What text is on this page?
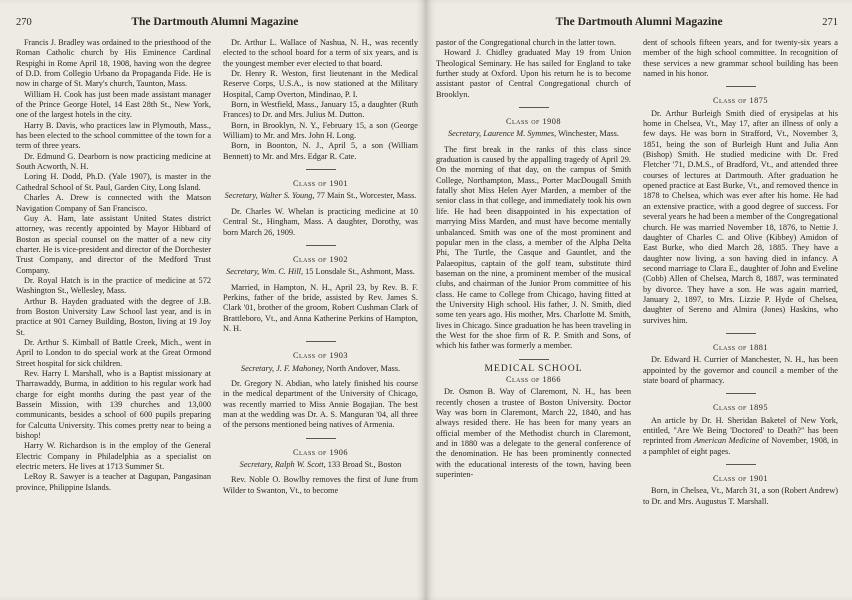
270	The Dartmouth Alumni Magazine

Francis J. Bradley was ordained to the priesthood of the Roman Catholic church by His Eminence Cardinal Respighi in Rome April 18, 1908, having won the degree of D.D. from Collegio Urbano da Propaganda Fide. He is now in charge of St. Mary's church, Taunton, Mass.

William H. Cook has just been made assistant manager of the Prince George Hotel, 14 East 28th St., New York, one of the largest hotels in the city.

Harry B. Davis, who practices law in Plymouth, Mass., has been elected to the school committee of the town for a term of three years.

Dr. Edmund G. Dearborn is now practicing medicine at South Acworth, N. H.

Loring H. Dodd, Ph.D. (Yale 1907), is master in the Cathedral School of St. Paul, Garden City, Long Island.

Charles A. Drew is connected with the Matson Navigation Company of San Francisco.

Guy A. Ham, late assistant United States district attorney, was recently appointed by Mayor Hibbard of Boston as special counsel on the matter of a new city charter. He is vice-president and director of the Dorchester Trust Company, and director of the Medford Trust Company.

Dr. Royal Hatch is in the practice of medicine at 572 Washington St., Wellesley, Mass.

Arthur B. Hayden graduated with the degree of J.B. from Boston University Law School last year, and is in practice at 901 Carney Building, Boston, living at 19 Joy St.

Dr. Arthur S. Kimball of Battle Creek, Mich., went in April to London to do special work at the Great Ormond Street hospital for sick children.

Rev. Harry I. Marshall, who is a Baptist missionary at Tharrawaddy, Burma, in addition to his regular work had charge for eight months during the past year of the Bassein Mission, with 139 churches and 13,000 communicants, besides a school of 600 pupils preparing for Calcutta University. This comes pretty near to being a bishop!

Harry W. Richardson is in the employ of the General Electric Company in Philadelphia as a specialist on electric meters. He lives at 1713 Summer St.

LeRoy R. Sawyer is a teacher at Dagupan, Pangasinan province, Philippine Islands.

Dr. Arthur L. Wallace of Nashua, N. H., was recently elected to the school board for a term of six years, and is the youngest member ever elected to that board.

Dr. Henry R. Weston, first lieutenant in the Medical Reserve Corps, U.S.A., is now stationed at the Military Hospital, Camp Overton, Mindinao, P. I.

Born, in Westfield, Mass., January 15, a daughter (Ruth Frances) to Dr. and Mrs. Julius M. Dutton.

Born, in Brooklyn, N. Y., February 15, a son (George William) to Mr. and Mrs. John H. Long.

Born, in Boonton, N. J., April 5, a son (William Bennett) to Mr. and Mrs. Edgar R. Cate.

Class of 1901
Secretary, Walter S. Young, 77 Main St., Worcester, Mass.

Dr. Charles W. Whelan is practicing medicine at 10 Central St., Hingham, Mass. A daughter, Dorothy, was born March 26, 1909.

Class of 1902
Secretary, Wm. C. Hill, 15 Lonsdale St., Ashmont, Mass.

Married, in Hampton, N. H., April 23, by Rev. B. F. Perkins, father of the bride, assisted by Rev. James S. Clark '01, brother of the groom, Robert Cushman Clark of Brattleboro, Vt., and Anna Katherine Perkins of Hampton, N. H.

Class of 1903
Secretary, J. F. Mahoney, North Andover, Mass.

Dr. Gregory N. Abdian, who lately finished his course in the medical department of the University of Chicago, was recently married to Miss Annie Bogajian. The best man at the wedding was Dr. A. S. Manguran '04, all three of the persons mentioned being natives of Armenia.

Class of 1906
Secretary, Ralph W. Scott, 133 Broad St., Boston

Rev. Noble O. Bowlby removes the first of June from Wilder to Swanton, Vt., to become

The Dartmouth Alumni Magazine	271

pastor of the Congregational church in the latter town.

Howard J. Chidley graduated May 19 from Union Theological Seminary. He has sailed for England to take further study at Oxford. Upon his return he is to become assistant pastor of Central Congregational church of Brooklyn.

Class of 1908
Secretary, Laurence M. Symmes, Winchester, Mass.

The first break in the ranks of this class since graduation is caused by the appalling tragedy of April 29. On the morning of that day, on the campus of Smith College, Northampton, Mass., Porter MacDougall Smith fatally shot Miss Helen Ayer Marden, a member of the senior class in that college, and immediately took his own life. He had been disappointed in his expectation of marrying Miss Marden, and must have become mentally unbalanced. Smith was one of the most prominent and popular men in the class, a member of the Alpha Delta Phi, The Turtle, the Casque and Gauntlet, and the Palaeopitus, captain of the golf team, substitute third baseman on the nine, a prominent member of the musical clubs, and chairman of the Junior Prom committee of his class. He came to College from Chicago, having fitted at the University High school. His father, J. N. Smith, died some ten years ago. His mother, Mrs. Charlotte M. Smith, lives in Chicago. Since graduation he has been traveling in the West for the shoe firm of R. P. Smith and Sons, of which his father was formerly a member.

MEDICAL SCHOOL
Class of 1866

Dr. Osmon B. Way of Claremont, N. H., has been recently chosen a trustee of Boston University. Doctor Way was born in Claremont, March 22, 1840, and has always resided there. He has been for many years an official member of the Methodist church in Claremont, and in 1880 was a delegate to the general conference of the denomination. He has been prominently connected with the educational interests of the town, having been superinten-

dent of schools fifteen years, and for twenty-six years a member of the high school committee. In recognition of these services a new grammar school building has been named in his honor.

Class of 1875

Dr. Arthur Burleigh Smith died of erysipelas at his home in Chelsea, Vt., May 17, after an illness of only a few days. He was born in Strafford, Vt., November 3, 1851, being the son of Burleigh Hunt and Julia Ann (Bishop) Smith. He studied medicine with Dr. Fred Fletcher '71, D.M.S., of Bradford, Vt., and attended three courses of lectures at Dartmouth. After graduation he opened practice at East Burke, Vt., and removed thence in 1878 to Chelsea, which was ever after his home. He had an extensive practice, with a good degree of success. For several years he had been a member of the Congregational church. He was married November 18, 1876, to Nettie J. daughter of Charles C. and Olive (Kibbey) Amidon of East Burke, who died March 28, 1885. They have a daughter now living, a son having died in infancy. A second marriage to Clara E., daughter of John and Eveline (Cobb) Allen of Chelsea, March 8, 1887, was terminated by divorce. They have a son. He was again married, January 2, 1897, to Mrs. Lizzie P. Hyde of Chelsea, daughter of Sereno and Almira (Jones) Haskins, who survives him.

Class of 1881

Dr. Edward H. Currier of Manchester, N. H., has been appointed by the governor and council a member of the state board of pharmacy.

Class of 1895

An article by Dr. H. Sheridan Baketel of New York, entitled, "Are We Being 'Doctored' to Death?" has been reprinted from American Medicine of November, 1908, in a pamphlet of eight pages.

Class of 1901

Born, in Chelsea, Vt., March 31, a son (Robert Andrew) to Dr. and Mrs. Augustus T. Marshall.
